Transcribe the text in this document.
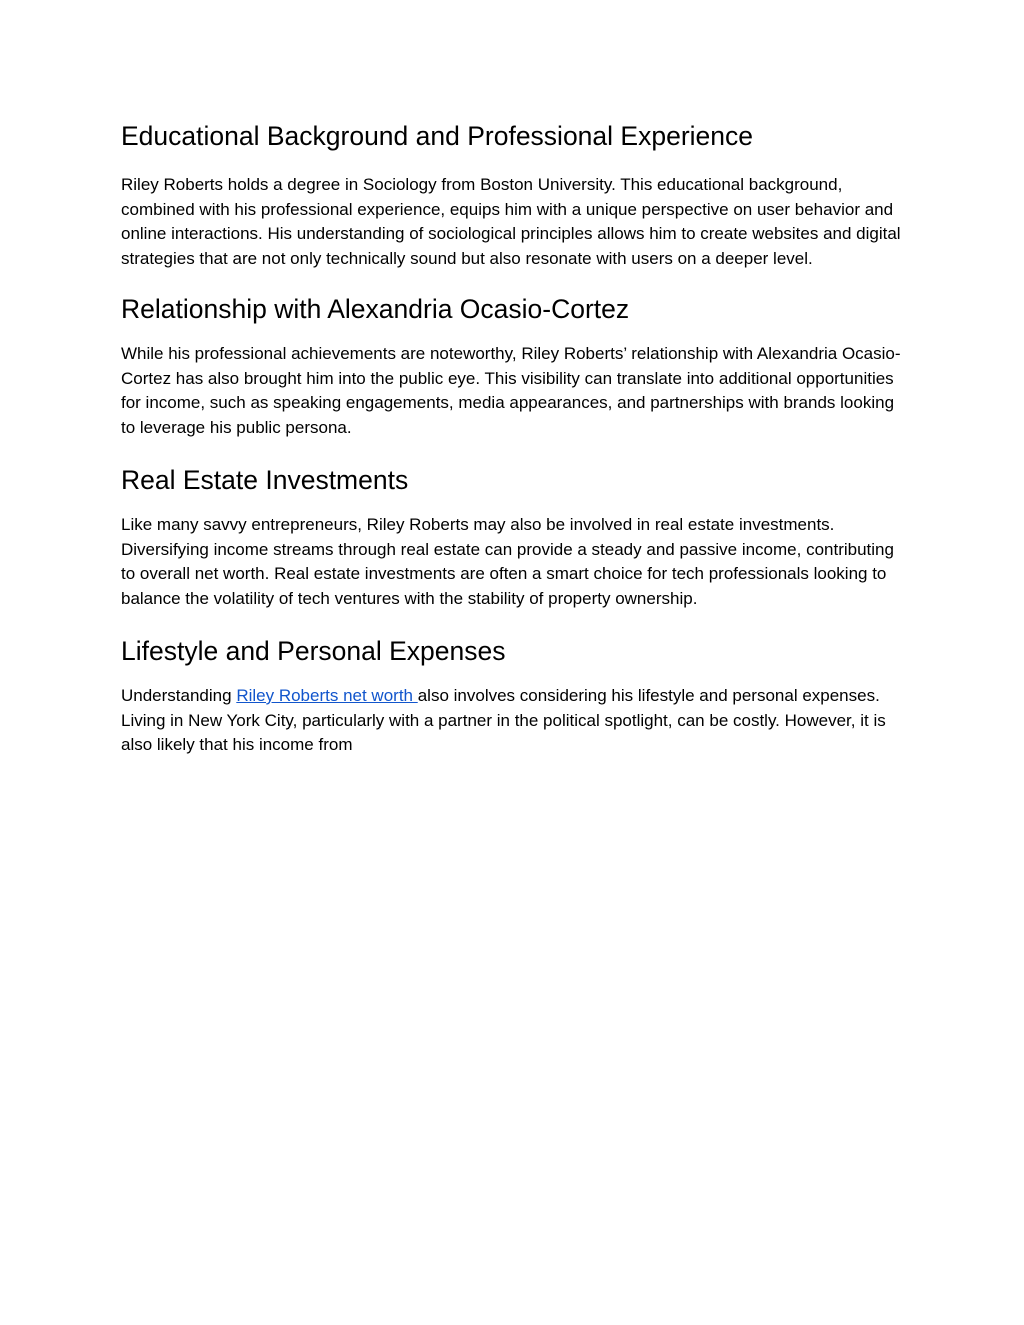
Educational Background and Professional Experience

Riley Roberts holds a degree in Sociology from Boston University. This educational background, combined with his professional experience, equips him with a unique perspective on user behavior and online interactions. His understanding of sociological principles allows him to create websites and digital strategies that are not only technically sound but also resonate with users on a deeper level.

Relationship with Alexandria Ocasio-Cortez

While his professional achievements are noteworthy, Riley Roberts’ relationship with Alexandria Ocasio-Cortez has also brought him into the public eye. This visibility can translate into additional opportunities for income, such as speaking engagements, media appearances, and partnerships with brands looking to leverage his public persona.

Real Estate Investments

Like many savvy entrepreneurs, Riley Roberts may also be involved in real estate investments. Diversifying income streams through real estate can provide a steady and passive income, contributing to overall net worth. Real estate investments are often a smart choice for tech professionals looking to balance the volatility of tech ventures with the stability of property ownership.

Lifestyle and Personal Expenses

Understanding Riley Roberts net worth also involves considering his lifestyle and personal expenses. Living in New York City, particularly with a partner in the political spotlight, can be costly. However, it is also likely that his income from
